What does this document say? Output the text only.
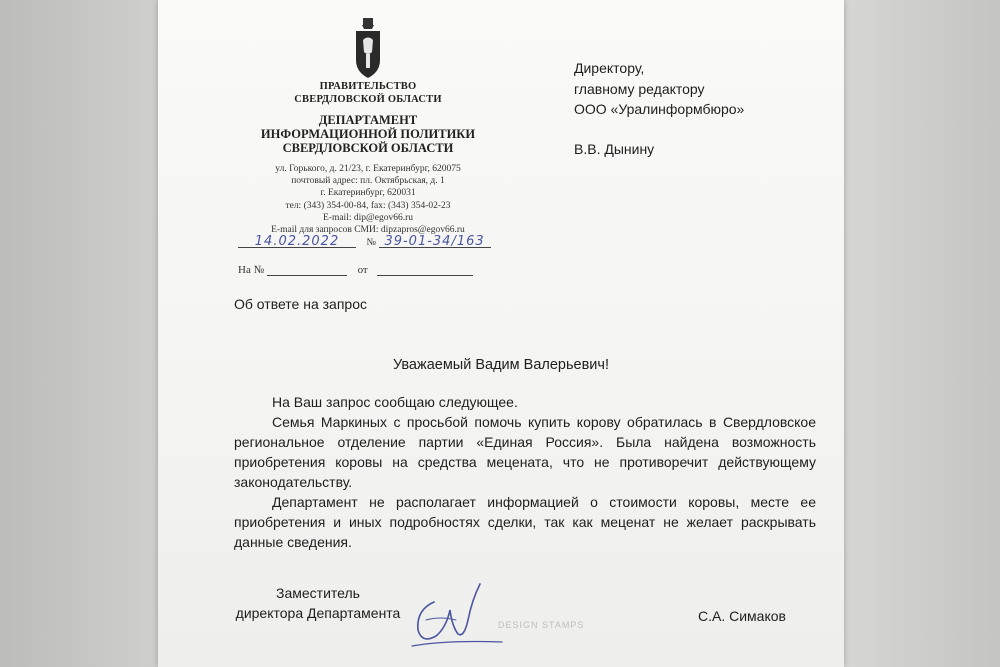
ПРАВИТЕЛЬСТВО
СВЕРДЛОВСКОЙ ОБЛАСТИ
ДЕПАРТАМЕНТ
ИНФОРМАЦИОННОЙ ПОЛИТИКИ
СВЕРДЛОВСКОЙ ОБЛАСТИ
ул. Горького, д. 21/23, г. Екатеринбург, 620075
почтовый адрес: пл. Октябрьская, д. 1
г. Екатеринбург, 620031
тел: (343) 354-00-84, fax: (343) 354-02-23
E-mail: dip@egov66.ru
E-mail для запросов СМИ: dipzapros@egov66.ru
14.02.2022	№ 39-01-34/163
На №	от
Директору,
главному редактору
ООО «Уралинформбюро»
В.В. Дынину
Об ответе на запрос
Уважаемый Вадим Валерьевич!

На Ваш запрос сообщаю следующее.

Семья Маркиных с просьбой помочь купить корову обратилась в Свердловское региональное отделение партии «Единая Россия». Была найдена возможность приобретения коровы на средства мецената, что не противоречит действующему законодательству.

Департамент не располагает информацией о стоимости коровы, месте ее приобретения и иных подробностях сделки, так как меценат не желает раскрывать данные сведения.

Заместитель
директора Департамента
DESIGN STAMPS
С.А. Симаков
